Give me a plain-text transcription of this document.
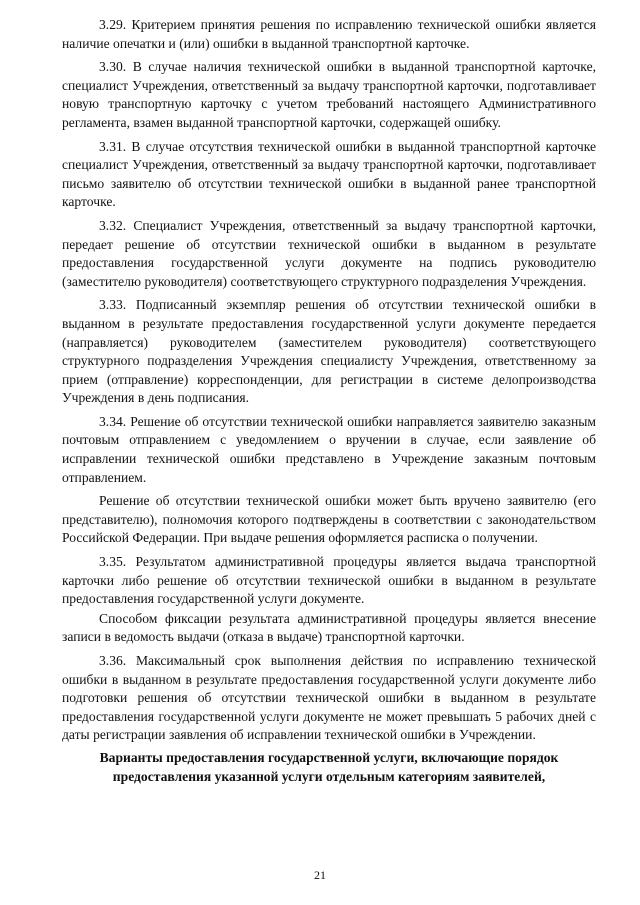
3.29. Критерием принятия решения по исправлению технической ошибки является наличие опечатки и (или) ошибки в выданной транспортной карточке.

3.30. В случае наличия технической ошибки в выданной транспортной карточке, специалист Учреждения, ответственный за выдачу транспортной карточки, подготавливает новую транспортную карточку с учетом требований настоящего Административного регламента, взамен выданной транспортной карточки, содержащей ошибку.

3.31. В случае отсутствия технической ошибки в выданной транспортной карточке специалист Учреждения, ответственный за выдачу транспортной карточки, подготавливает письмо заявителю об отсутствии технической ошибки в выданной ранее транспортной карточке.

3.32. Специалист Учреждения, ответственный за выдачу транспортной карточки, передает решение об отсутствии технической ошибки в выданном в результате предоставления государственной услуги документе на подпись руководителю (заместителю руководителя) соответствующего структурного подразделения Учреждения.

3.33. Подписанный экземпляр решения об отсутствии технической ошибки в выданном в результате предоставления государственной услуги документе передается (направляется) руководителем (заместителем руководителя) соответствующего структурного подразделения Учреждения специалисту Учреждения, ответственному за прием (отправление) корреспонденции, для регистрации в системе делопроизводства Учреждения в день подписания.

3.34. Решение об отсутствии технической ошибки направляется заявителю заказным почтовым отправлением с уведомлением о вручении в случае, если заявление об исправлении технической ошибки представлено в Учреждение заказным почтовым отправлением.

Решение об отсутствии технической ошибки может быть вручено заявителю (его представителю), полномочия которого подтверждены в соответствии с законодательством Российской Федерации. При выдаче решения оформляется расписка о получении.

3.35. Результатом административной процедуры является выдача транспортной карточки либо решение об отсутствии технической ошибки в выданном в результате предоставления государственной услуги документе.

Способом фиксации результата административной процедуры является внесение записи в ведомость выдачи (отказа в выдаче) транспортной карточки.

3.36. Максимальный срок выполнения действия по исправлению технической ошибки в выданном в результате предоставления государственной услуги документе либо подготовки решения об отсутствии технической ошибки в выданном в результате предоставления государственной услуги документе не может превышать 5 рабочих дней с даты регистрации заявления об исправлении технической ошибки в Учреждении.

Варианты предоставления государственной услуги, включающие порядок предоставления указанной услуги отдельным категориям заявителей,

21
